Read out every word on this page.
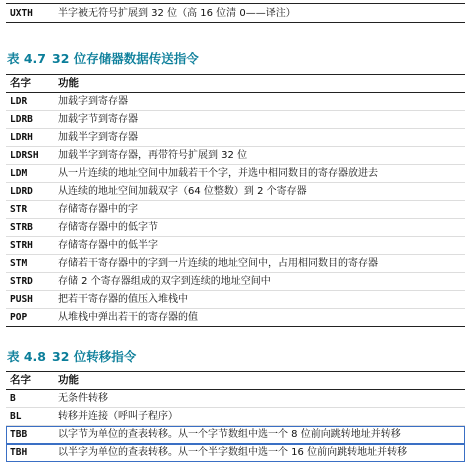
UXTH	半字被无符号扩展到 32 位（高 16 位清 0——译注）
表 4.7 32 位存储器数据传送指令
名字	功能
LDR	加载字到寄存器
LDRB	加载字节到寄存器
LDRH	加载半字到寄存器
LDRSH	加载半字到寄存器，再带符号扩展到 32 位
LDM	从一片连续的地址空间中加载若干个字，并选中相同数目的寄存器放进去
LDRD	从连续的地址空间加载双字（64 位整数）到 2 个寄存器
STR	存储寄存器中的字
STRB	存储寄存器中的低字节
STRH	存储寄存器中的低半字
STM	存储若干寄存器中的字到一片连续的地址空间中，占用相同数目的寄存器
STRD	存储 2 个寄存器组成的双字到连续的地址空间中
PUSH	把若干寄存器的值压入堆栈中
POP	从堆栈中弹出若干的寄存器的值
表 4.8 32 位转移指令
名字	功能
B	无条件转移
BL	转移并连接（呼叫子程序）
TBB	以字节为单位的查表转移。从一个字节数组中选一个 8 位前向跳转地址并转移
TBH	以半字为单位的查表转移。从一个半字数组中选一个 16 位前向跳转地址并转移
